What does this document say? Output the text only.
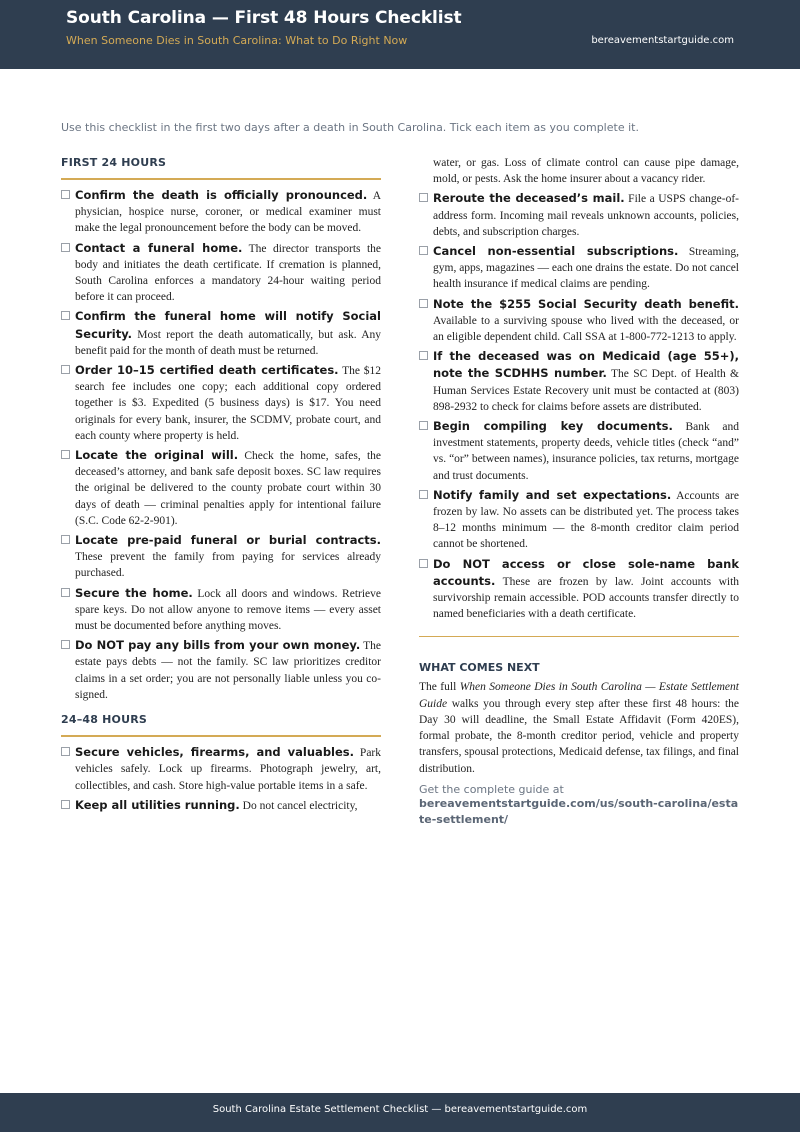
South Carolina — First 48 Hours Checklist
When Someone Dies in South Carolina: What to Do Right Now	bereavementstartguide.com
Use this checklist in the first two days after a death in South Carolina. Tick each item as you complete it.
FIRST 24 HOURS
Confirm the death is officially pronounced. A physician, hospice nurse, coroner, or medical examiner must make the legal pronouncement before the body can be moved.
Contact a funeral home. The director transports the body and initiates the death certificate. If cremation is planned, South Carolina enforces a mandatory 24-hour waiting period before it can proceed.
Confirm the funeral home will notify Social Security. Most report the death automatically, but ask. Any benefit paid for the month of death must be returned.
Order 10–15 certified death certificates. The $12 search fee includes one copy; each additional copy ordered together is $3. Expedited (5 business days) is $17. You need originals for every bank, insurer, the SCDMV, probate court, and each county where property is held.
Locate the original will. Check the home, safes, the deceased’s attorney, and bank safe deposit boxes. SC law requires the original be delivered to the county probate court within 30 days of death — criminal penalties apply for intentional failure (S.C. Code 62-2-901).
Locate pre-paid funeral or burial contracts. These prevent the family from paying for services already purchased.
Secure the home. Lock all doors and windows. Retrieve spare keys. Do not allow anyone to remove items — every asset must be documented before anything moves.
Do NOT pay any bills from your own money. The estate pays debts — not the family. SC law prioritizes creditor claims in a set order; you are not personally liable unless you co-signed.
24–48 HOURS
Secure vehicles, firearms, and valuables. Park vehicles safely. Lock up firearms. Photograph jewelry, art, collectibles, and cash. Store high-value portable items in a safe.
Keep all utilities running. Do not cancel electricity,
water, or gas. Loss of climate control can cause pipe damage, mold, or pests. Ask the home insurer about a vacancy rider.
Reroute the deceased’s mail. File a USPS change-of-address form. Incoming mail reveals unknown accounts, policies, debts, and subscription charges.
Cancel non-essential subscriptions. Streaming, gym, apps, magazines — each one drains the estate. Do not cancel health insurance if medical claims are pending.
Note the $255 Social Security death benefit. Available to a surviving spouse who lived with the deceased, or an eligible dependent child. Call SSA at 1-800-772-1213 to apply.
If the deceased was on Medicaid (age 55+), note the SCDHHS number. The SC Dept. of Health & Human Services Estate Recovery unit must be contacted at (803) 898-2932 to check for claims before assets are distributed.
Begin compiling key documents. Bank and investment statements, property deeds, vehicle titles (check “and” vs. “or” between names), insurance policies, tax returns, mortgage and trust documents.
Notify family and set expectations. Accounts are frozen by law. No assets can be distributed yet. The process takes 8–12 months minimum — the 8-month creditor claim period cannot be shortened.
Do NOT access or close sole-name bank accounts. These are frozen by law. Joint accounts with survivorship remain accessible. POD accounts transfer directly to named beneficiaries with a death certificate.
WHAT COMES NEXT
The full When Someone Dies in South Carolina — Estate Settlement Guide walks you through every step after these first 48 hours: the Day 30 will deadline, the Small Estate Affidavit (Form 420ES), formal probate, the 8-month creditor period, vehicle and property transfers, spousal protections, Medicaid defense, tax filings, and final distribution.
Get the complete guide at
bereavementstartguide.com/us/south-carolina/estate-settlement/
South Carolina Estate Settlement Checklist — bereavementstartguide.com
